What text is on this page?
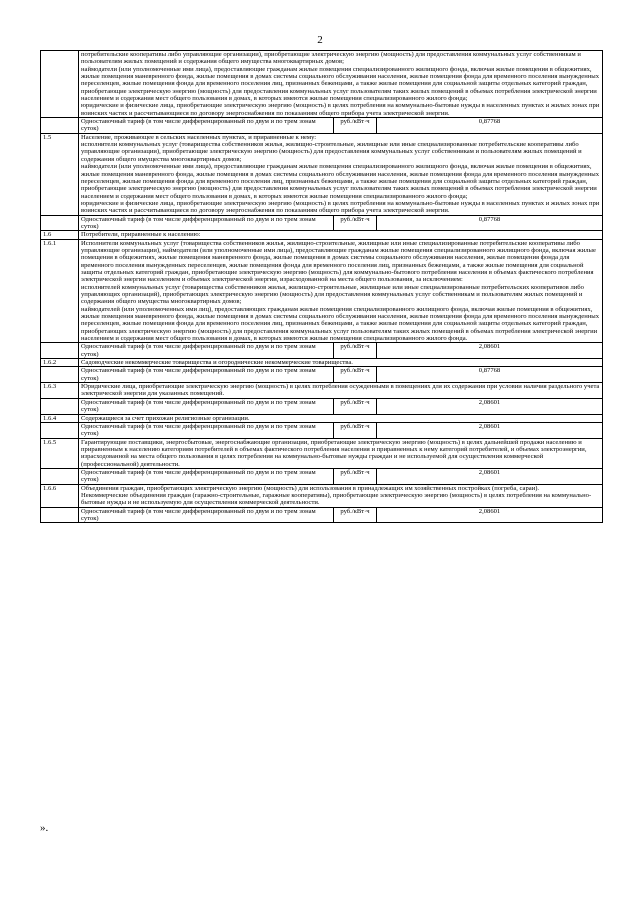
2

	потребительские кооперативы либо управляющие организации), приобретающие электрическую энергию (мощность) для предоставления коммунальных услуг собственникам и пользователям жилых помещений и содержания общего имущества многоквартирных домов;
наймодатели (или уполномоченные ими лица), предоставляющие гражданам жилые помещения специализированного жилищного фонда, включая жилые помещения в общежитиях, жилые помещения маневренного фонда, жилые помещения в домах системы социального обслуживания населения, жилые помещения фонда для временного поселения вынужденных переселенцев, жилые помещения фонда для временного поселения лиц, признанных беженцами, а также жилые помещения для социальной защиты отдельных категорий граждан, приобретающие электрическую энергию (мощность) для предоставления коммунальных услуг пользователям таких жилых помещений в объемах потребления электрической энергии населением и содержания мест общего пользования в домах, в которых имеются жилые помещения специализированного жилого фонда;
юридические и физические лица, приобретающие электрическую энергию (мощность) в целях потребления на коммунально-бытовые нужды в населенных пунктах и жилых зонах при воинских частях и рассчитывающиеся по договору энергоснабжения по показаниям общего прибора учета электрической энергии.		

	Одноставочный тариф (в том числе дифференцированный по двум и по трем зонам суток)	руб./кВт·ч	0,87768
1.5	Население, проживающее в сельских населенных пунктах, и приравненные к нему:
исполнители коммунальных услуг (товарищества собственников жилья, жилищно-строительные, жилищные или иные специализированные потребительские кооперативы либо управляющие организации), приобретающие электрическую энергию (мощность) для предоставления коммунальных услуг собственникам и пользователям жилых помещений и содержания общего имущества многоквартирных домов;
наймодатели (или уполномоченные ими лица), предоставляющие гражданам жилые помещения специализированного жилищного фонда, включая жилые помещения в общежитиях, жилые помещения маневренного фонда, жилые помещения в домах системы социального обслуживания населения, жилые помещения фонда для временного поселения вынужденных переселенцев, жилые помещения фонда для временного поселения лиц, признанных беженцами, а также жилые помещения для социальной защиты отдельных категорий граждан, приобретающие электрическую энергию (мощность) для предоставления коммунальных услуг пользователям таких жилых помещений в объемах потребления электрической энергии населением и содержания мест общего пользования в домах, в которых имеются жилые помещения специализированного жилого фонда;
юридические и физические лица, приобретающие электрическую энергию (мощность) в целях потребления на коммунально-бытовые нужды в населенных пунктах и жилых зонах при воинских частях и рассчитывающиеся по договору энергоснабжения по показаниям общего прибора учета электрической энергии.		

	Одноставочный тариф (в том числе дифференцированный по двум и по трем зонам суток)	руб./кВт·ч	0,87768
1.6	Потребители, приравненные к населению:		

1.6.1	Исполнители коммунальных услуг (товарищества собственников жилья, жилищно-строительные, жилищные или иные специализированные потребительские кооперативы либо управляющие организации), наймодатели (или уполномоченные ими лица), предоставляющие гражданам жилые помещения специализированного жилищного фонда, включая жилые помещения в общежитиях, жилые помещения маневренного фонда, жилые помещения в домах системы социального обслуживания населения, жилые помещения фонда для временного поселения вынужденных переселенцев, жилые помещения фонда для временного поселения лиц, признанных беженцами, а также жилые помещения для социальной защиты отдельных категорий граждан, приобретающие электрическую энергию (мощность) для коммунально-бытового потребления населения в объемах фактического потребления электрической энергии населением и объемах электрической энергии, израсходованной на места общего пользования, за исключением:
исполнителей коммунальных услуг (товарищества собственников жилья, жилищно-строительные, жилищные или иные специализированные потребительских кооперативов либо управляющих организаций), приобретающих электрическую энергию (мощность) для предоставления коммунальных услуг собственникам и пользователям жилых помещений и содержания общего имущества многоквартирных домов;
наймодателей (или уполномоченных ими лиц), предоставляющих гражданам жилые помещения специализированного жилищного фонда, включая жилые помещения в общежитиях, жилые помещения маневренного фонда, жилые помещения в домах системы социального обслуживания населения, жилые помещения фонда для временного поселения вынужденных переселенцев, жилые помещения фонда для временного поселения лиц, признанных беженцами, а также жилые помещения для социальной защиты отдельных категорий граждан, приобретающих электрическую энергию (мощность) для предоставления коммунальных услуг пользователям таких жилых помещений в объемах потребления электрической энергии населением и содержания мест общего пользования в домах, в которых имеются жилые помещения специализированного жилого фонда.		

	Одноставочный тариф (в том числе дифференцированный по двум и по трем зонам суток)	руб./кВт·ч	2,08601
1.6.2	Садоводческие некоммерческие товарищества и огороднические некоммерческие товарищества.		

	Одноставочный тариф (в том числе дифференцированный по двум и по трем зонам суток)	руб./кВт·ч	0,87768
1.6.3	Юридические лица, приобретающие электрическую энергию (мощность) в целях потребления осужденными в помещениях для их содержания при условии наличия раздельного учета электрической энергии для указанных помещений.		

	Одноставочный тариф (в том числе дифференцированный по двум и по трем зонам суток)	руб./кВт·ч	2,08601
1.6.4	Содержащиеся за счет прихожан религиозные организации.		

	Одноставочный тариф (в том числе дифференцированный по двум и по трем зонам суток)	руб./кВт·ч	2,08601
1.6.5	Гарантирующие поставщики, энергосбытовые, энергоснабжающие организации, приобретающие электрическую энергию (мощность) в целях дальнейшей продажи населению и приравненным к населению категориям потребителей в объемах фактического потребления населения и приравненных к нему категорий потребителей, и объемах электроэнергии, израсходованной на места общего пользования в целях потребления на коммунально-бытовые нужды граждан и не используемой для осуществления коммерческой (профессиональной) деятельности.		

	Одноставочный тариф (в том числе дифференцированный по двум и по трем зонам суток)	руб./кВт·ч	2,08601
1.6.6	Объединения граждан, приобретающих электрическую энергию (мощность) для использования в принадлежащих им хозяйственных постройках (погреба, сараи).
Некоммерческие объединения граждан (гаражно-строительные, гаражные кооперативы), приобретающие электрическую энергию (мощность) в целях потребления на коммунально-бытовые нужды и не используемую для осуществления коммерческой деятельности.		

	Одноставочный тариф (в том числе дифференцированный по двум и по трем зонам суток)	руб./кВт·ч	2,08601
».
